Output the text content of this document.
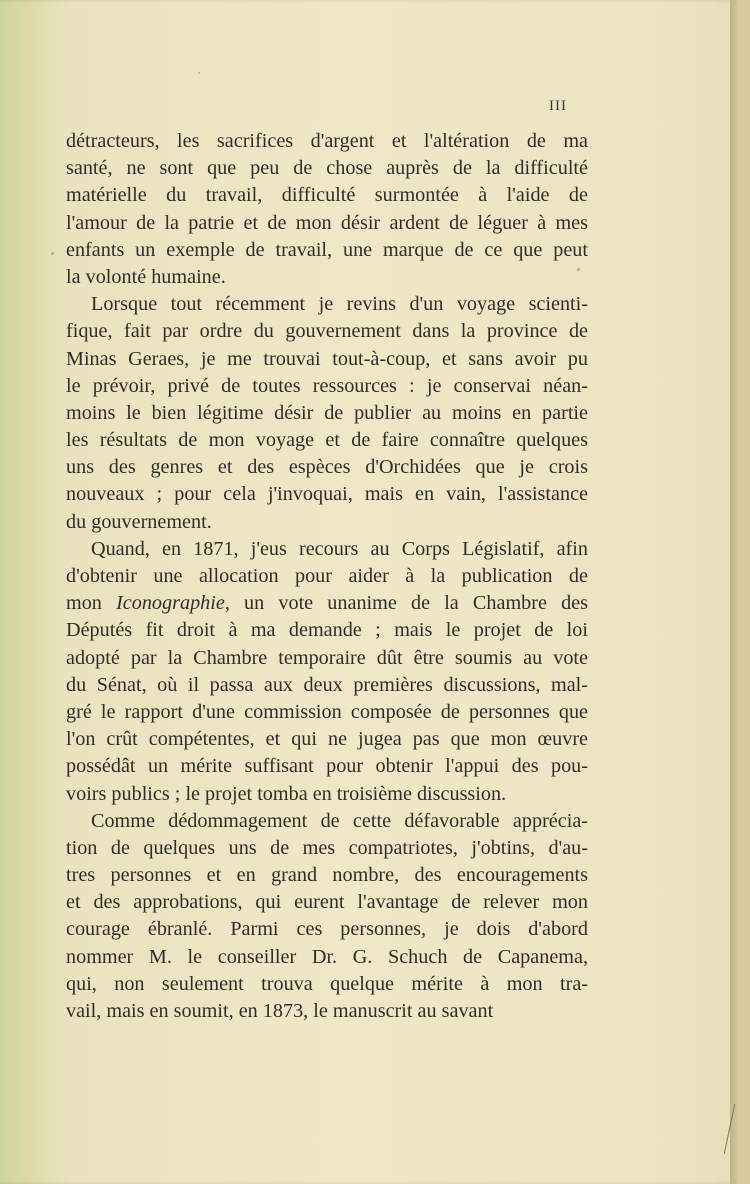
III
détracteurs, les sacrifices d'argent et l'altération de ma
santé, ne sont que peu de chose auprès de la difficulté
matérielle du travail, difficulté surmontée à l'aide de
l'amour de la patrie et de mon désir ardent de léguer à mes
enfants un exemple de travail, une marque de ce que peut
la volonté humaine.
Lorsque tout récemment je revins d'un voyage scienti-
fique, fait par ordre du gouvernement dans la province de
Minas Geraes, je me trouvai tout-à-coup, et sans avoir pu
le prévoir, privé de toutes ressources : je conservai néan-
moins le bien légitime désir de publier au moins en partie
les résultats de mon voyage et de faire connaître quelques
uns des genres et des espèces d'Orchidées que je crois
nouveaux ; pour cela j'invoquai, mais en vain, l'assistance
du gouvernement.
Quand, en 1871, j'eus recours au Corps Législatif, afin
d'obtenir une allocation pour aider à la publication de
mon Iconographie, un vote unanime de la Chambre des
Députés fit droit à ma demande ; mais le projet de loi
adopté par la Chambre temporaire dût être soumis au vote
du Sénat, où il passa aux deux premières discussions, mal-
gré le rapport d'une commission composée de personnes que
l'on crût compétentes, et qui ne jugea pas que mon œuvre
possédât un mérite suffisant pour obtenir l'appui des pou-
voirs publics ; le projet tomba en troisième discussion.
Comme dédommagement de cette défavorable apprécia-
tion de quelques uns de mes compatriotes, j'obtins, d'au-
tres personnes et en grand nombre, des encouragements
et des approbations, qui eurent l'avantage de relever mon
courage ébranlé. Parmi ces personnes, je dois d'abord
nommer M. le conseiller Dr. G. Schuch de Capanema,
qui, non seulement trouva quelque mérite à mon tra-
vail, mais en soumit, en 1873, le manuscrit au savant
